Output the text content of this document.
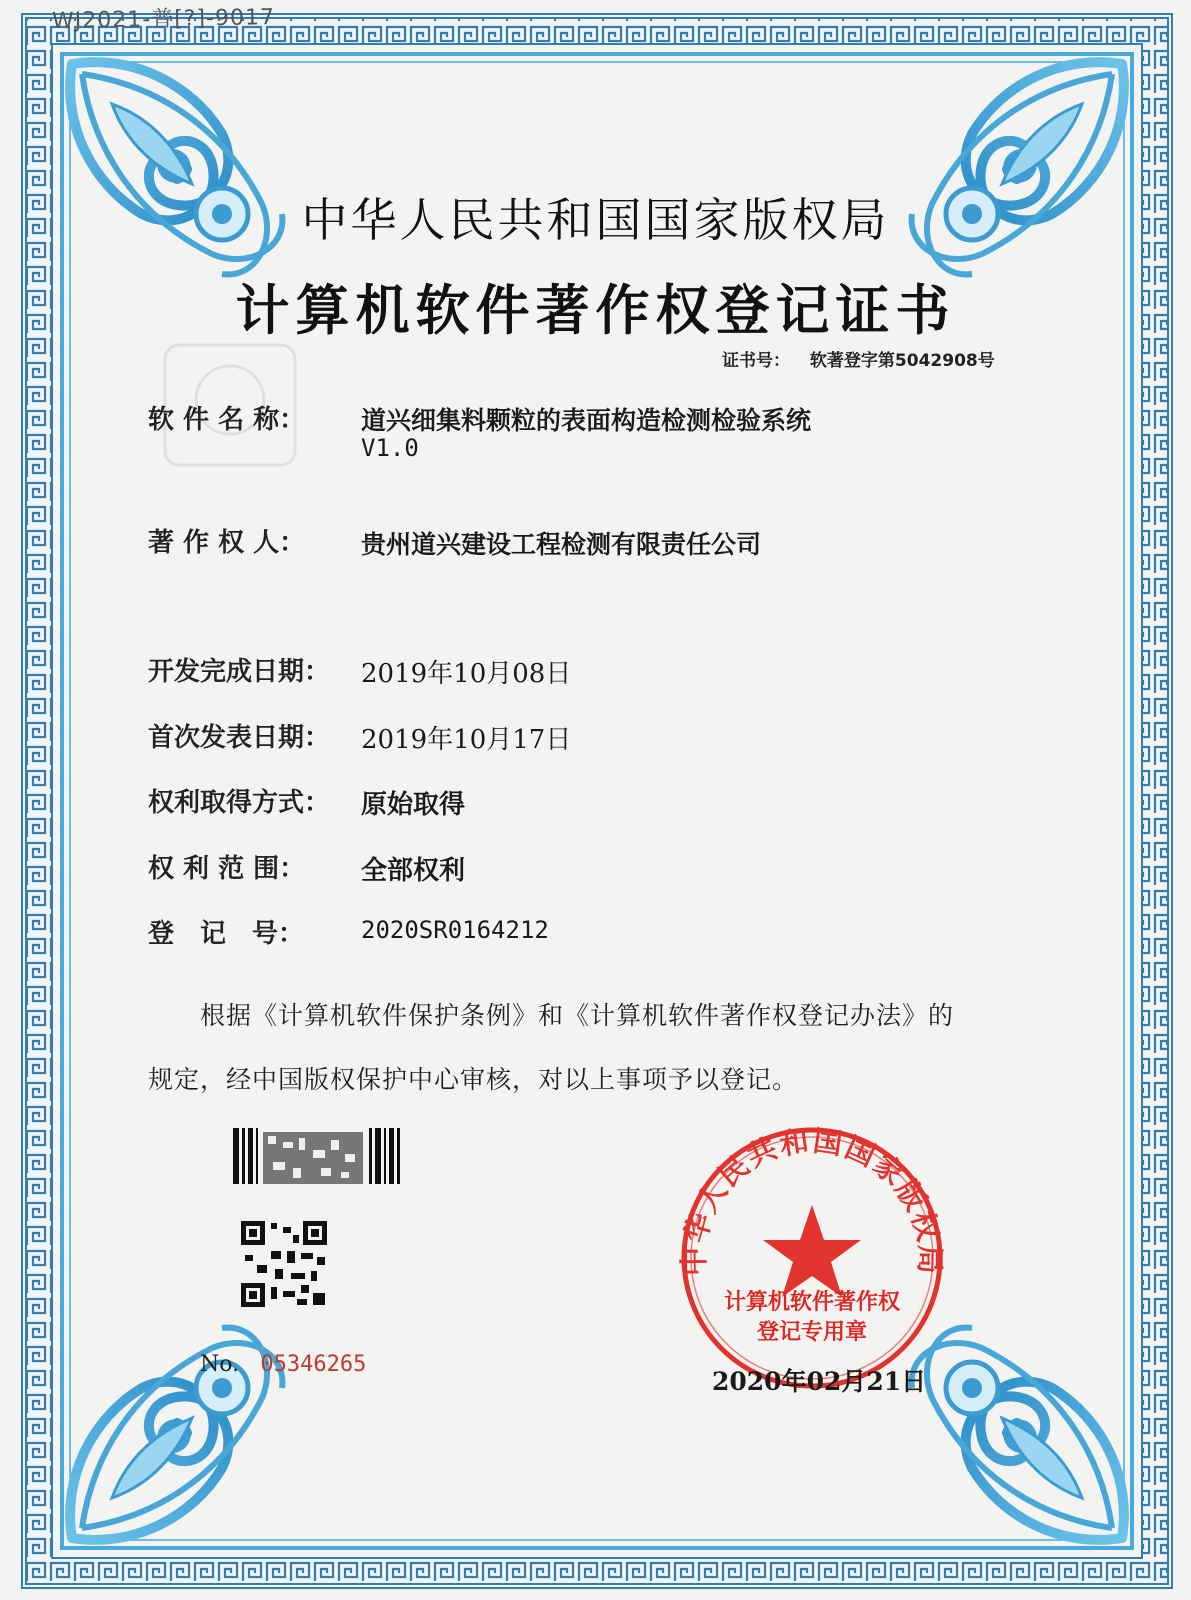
中华人民共和国国家版权局
WJ2021-普[?]-9017
中华人民共和国国家版权局
计算机软件著作权登记证书
证书号： 软著登字第5042908号
软 件 名 称： 道兴细集料颗粒的表面构造检测检验系统
V1.0
著 作 权 人： 贵州道兴建设工程检测有限责任公司
开发完成日期： 2019年10月08日
首次发表日期： 2019年10月17日
权利取得方式： 原始取得
权 利 范 围： 全部权利
登　记　号： 2020SR0164212
根据《计算机软件保护条例》和《计算机软件著作权登记办法》的
规定，经中国版权保护中心审核，对以上事项予以登记。
No. 05346265
计算机软件著作权
登记专用章
2020年02月21日
